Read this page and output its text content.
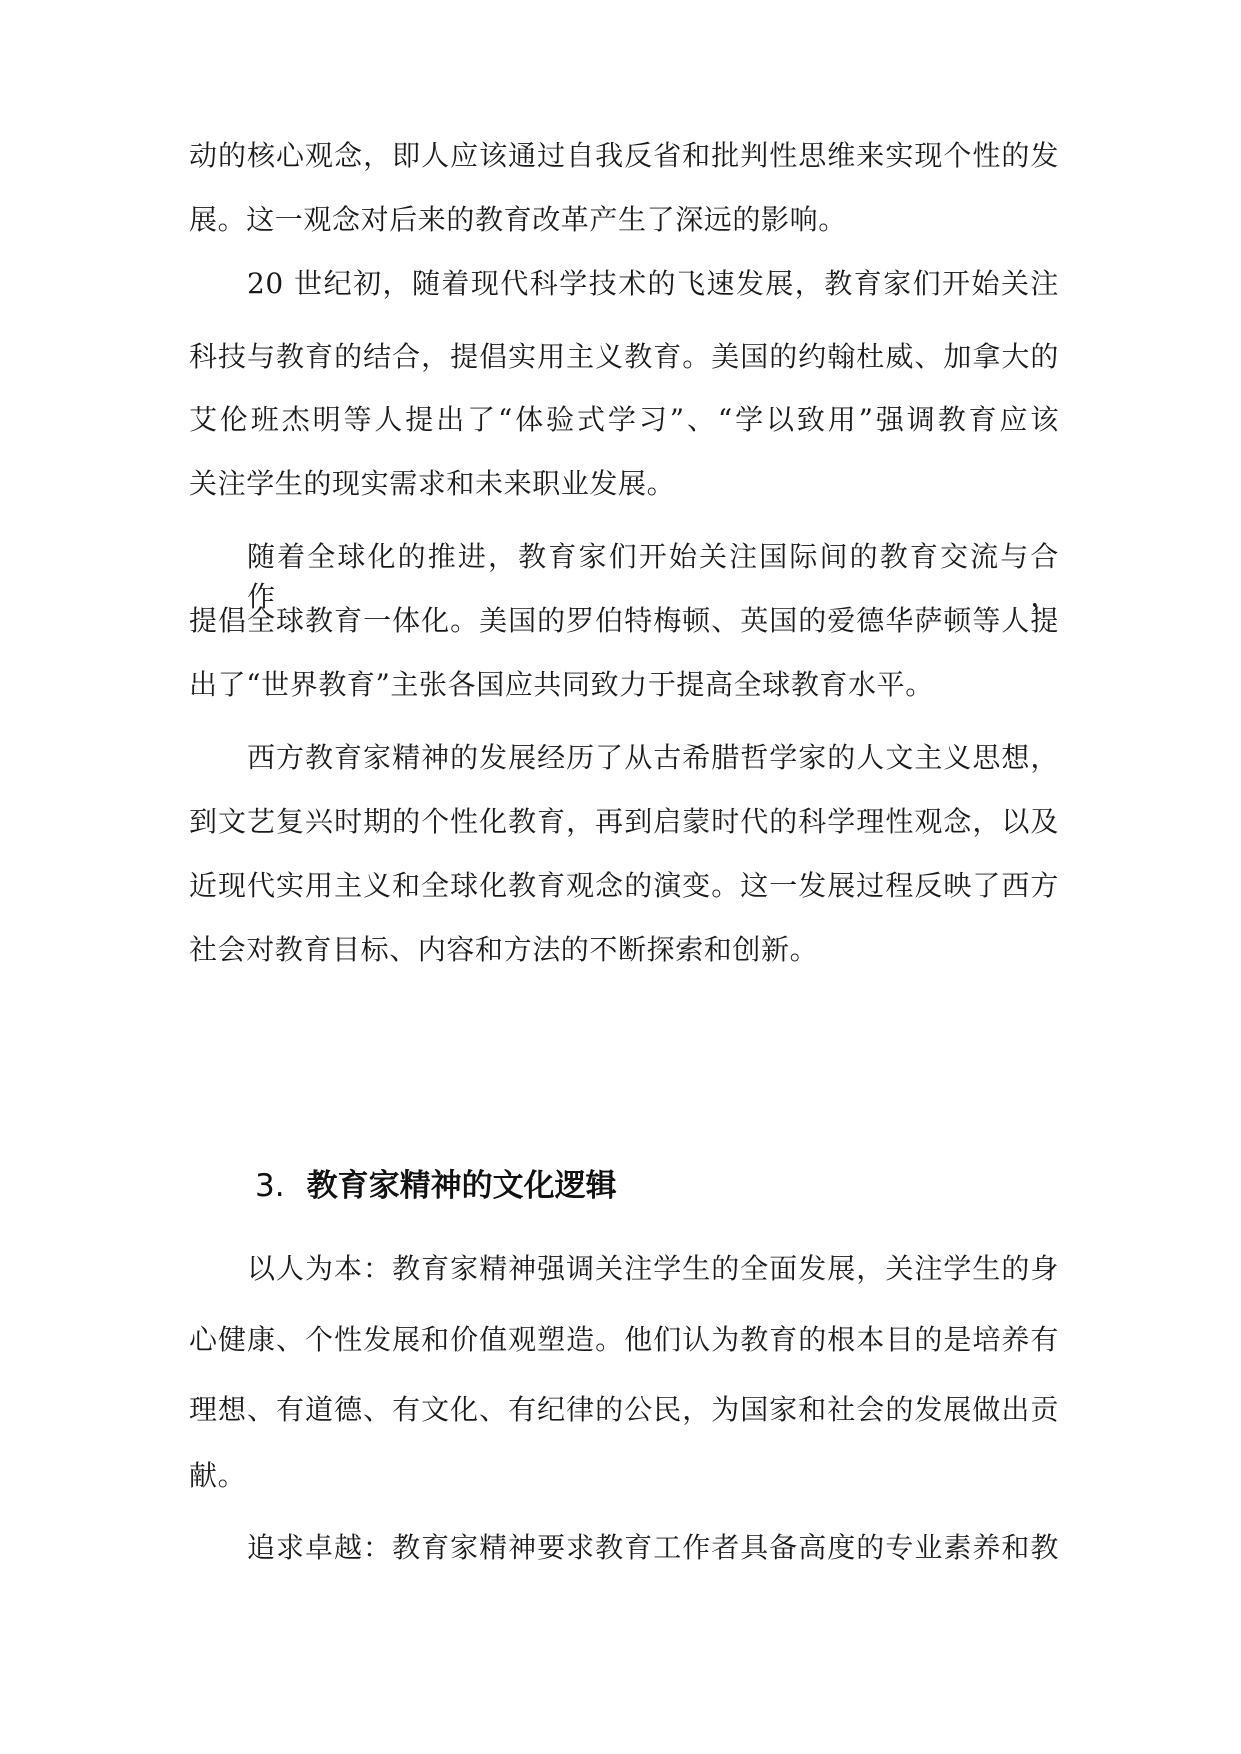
动的核心观念，即人应该通过自我反省和批判性思维来实现个性的发
展。这一观念对后来的教育改革产生了深远的影响。
20 世纪初，随着现代科学技术的飞速发展，教育家们开始关注
科技与教育的结合，提倡实用主义教育。美国的约翰杜威、加拿大的
艾伦班杰明等人提出了“体验式学习”、“学以致用”强调教育应该
关注学生的现实需求和未来职业发展。
随着全球化的推进，教育家们开始关注国际间的教育交流与合作，
提倡全球教育一体化。美国的罗伯特梅顿、英国的爱德华萨顿等人提
出了“世界教育”主张各国应共同致力于提高全球教育水平。
西方教育家精神的发展经历了从古希腊哲学家的人文主义思想，
到文艺复兴时期的个性化教育，再到启蒙时代的科学理性观念，以及
近现代实用主义和全球化教育观念的演变。这一发展过程反映了西方
社会对教育目标、内容和方法的不断探索和创新。
3. 教育家精神的文化逻辑
以人为本：教育家精神强调关注学生的全面发展，关注学生的身
心健康、个性发展和价值观塑造。他们认为教育的根本目的是培养有
理想、有道德、有文化、有纪律的公民，为国家和社会的发展做出贡
献。
追求卓越：教育家精神要求教育工作者具备高度的专业素养和教
